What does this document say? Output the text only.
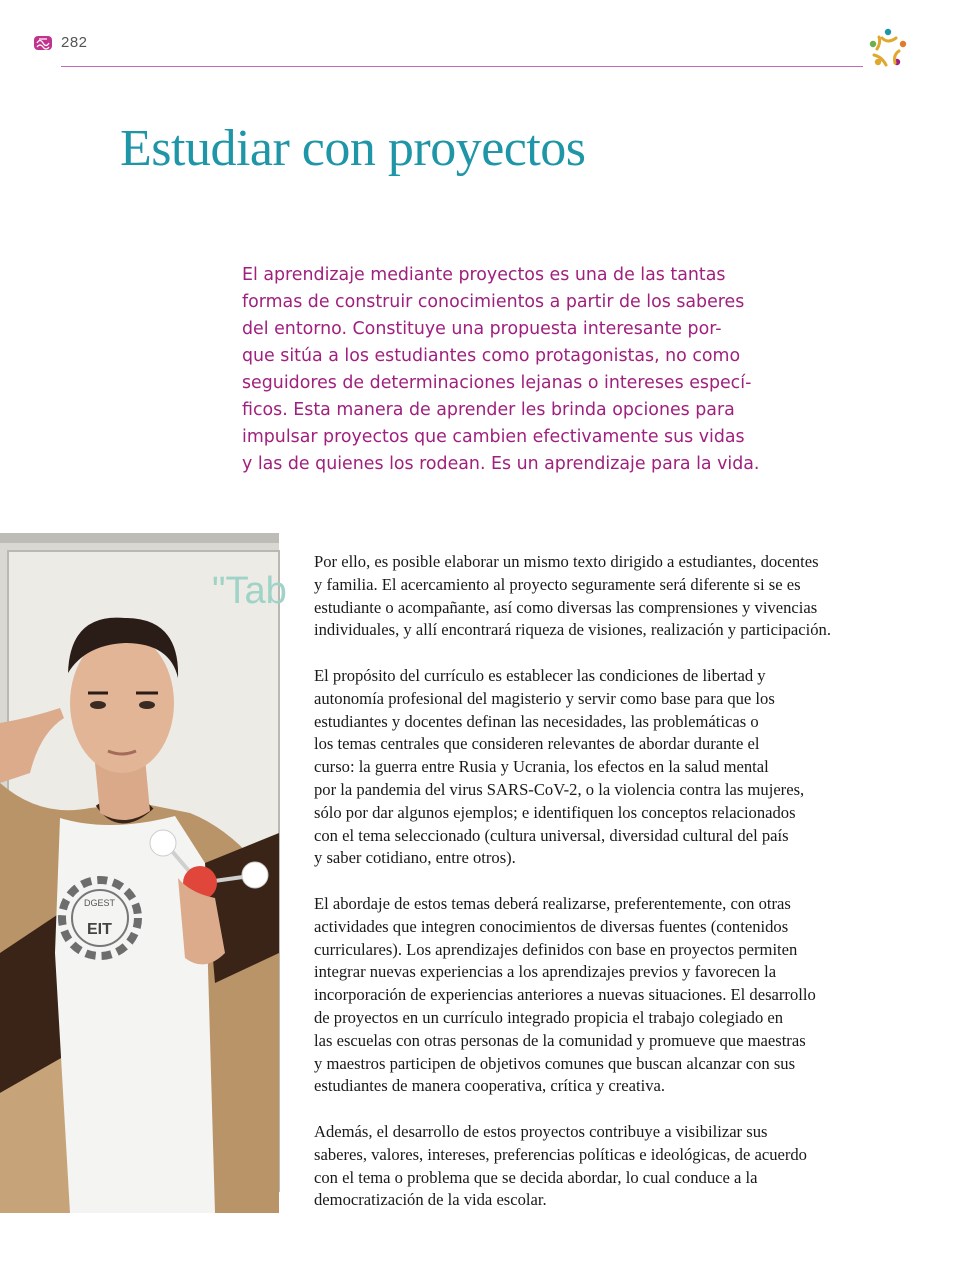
282
Estudiar con proyectos
El aprendizaje mediante proyectos es una de las tantas
formas de construir conocimientos a partir de los saberes
del entorno. Constituye una propuesta interesante por-
que sitúa a los estudiantes como protagonistas, no como
seguidores de determinaciones lejanas o intereses especí-
ficos. Esta manera de aprender les brinda opciones para
impulsar proyectos que cambien efectivamente sus vidas
y las de quienes los rodean. Es un aprendizaje para la vida.
"Tab
DGEST
EIT

Por ello, es posible elaborar un mismo texto dirigido a estudiantes, docentes
y familia. El acercamiento al proyecto seguramente será diferente si se es
estudiante o acompañante, así como diversas las comprensiones y vivencias
individuales, y allí encontrará riqueza de visiones, realización y participación.

El propósito del currículo es establecer las condiciones de libertad y
autonomía profesional del magisterio y servir como base para que los
estudiantes y docentes definan las necesidades, las problemáticas o
los temas centrales que consideren relevantes de abordar durante el
curso: la guerra entre Rusia y Ucrania, los efectos en la salud mental
por la pandemia del virus SARS-CoV-2, o la violencia contra las mujeres,
sólo por dar algunos ejemplos; e identifiquen los conceptos relacionados
con el tema seleccionado (cultura universal, diversidad cultural del país
y saber cotidiano, entre otros).

El abordaje de estos temas deberá realizarse, preferentemente, con otras
actividades que integren conocimientos de diversas fuentes (contenidos
curriculares). Los aprendizajes definidos con base en proyectos permiten
integrar nuevas experiencias a los aprendizajes previos y favorecen la
incorporación de experiencias anteriores a nuevas situaciones. El desarrollo
de proyectos en un currículo integrado propicia el trabajo colegiado en
las escuelas con otras personas de la comunidad y promueve que maestras
y maestros participen de objetivos comunes que buscan alcanzar con sus
estudiantes de manera cooperativa, crítica y creativa.

Además, el desarrollo de estos proyectos contribuye a visibilizar sus
saberes, valores, intereses, preferencias políticas e ideológicas, de acuerdo
con el tema o problema que se decida abordar, lo cual conduce a la
democratización de la vida escolar.
